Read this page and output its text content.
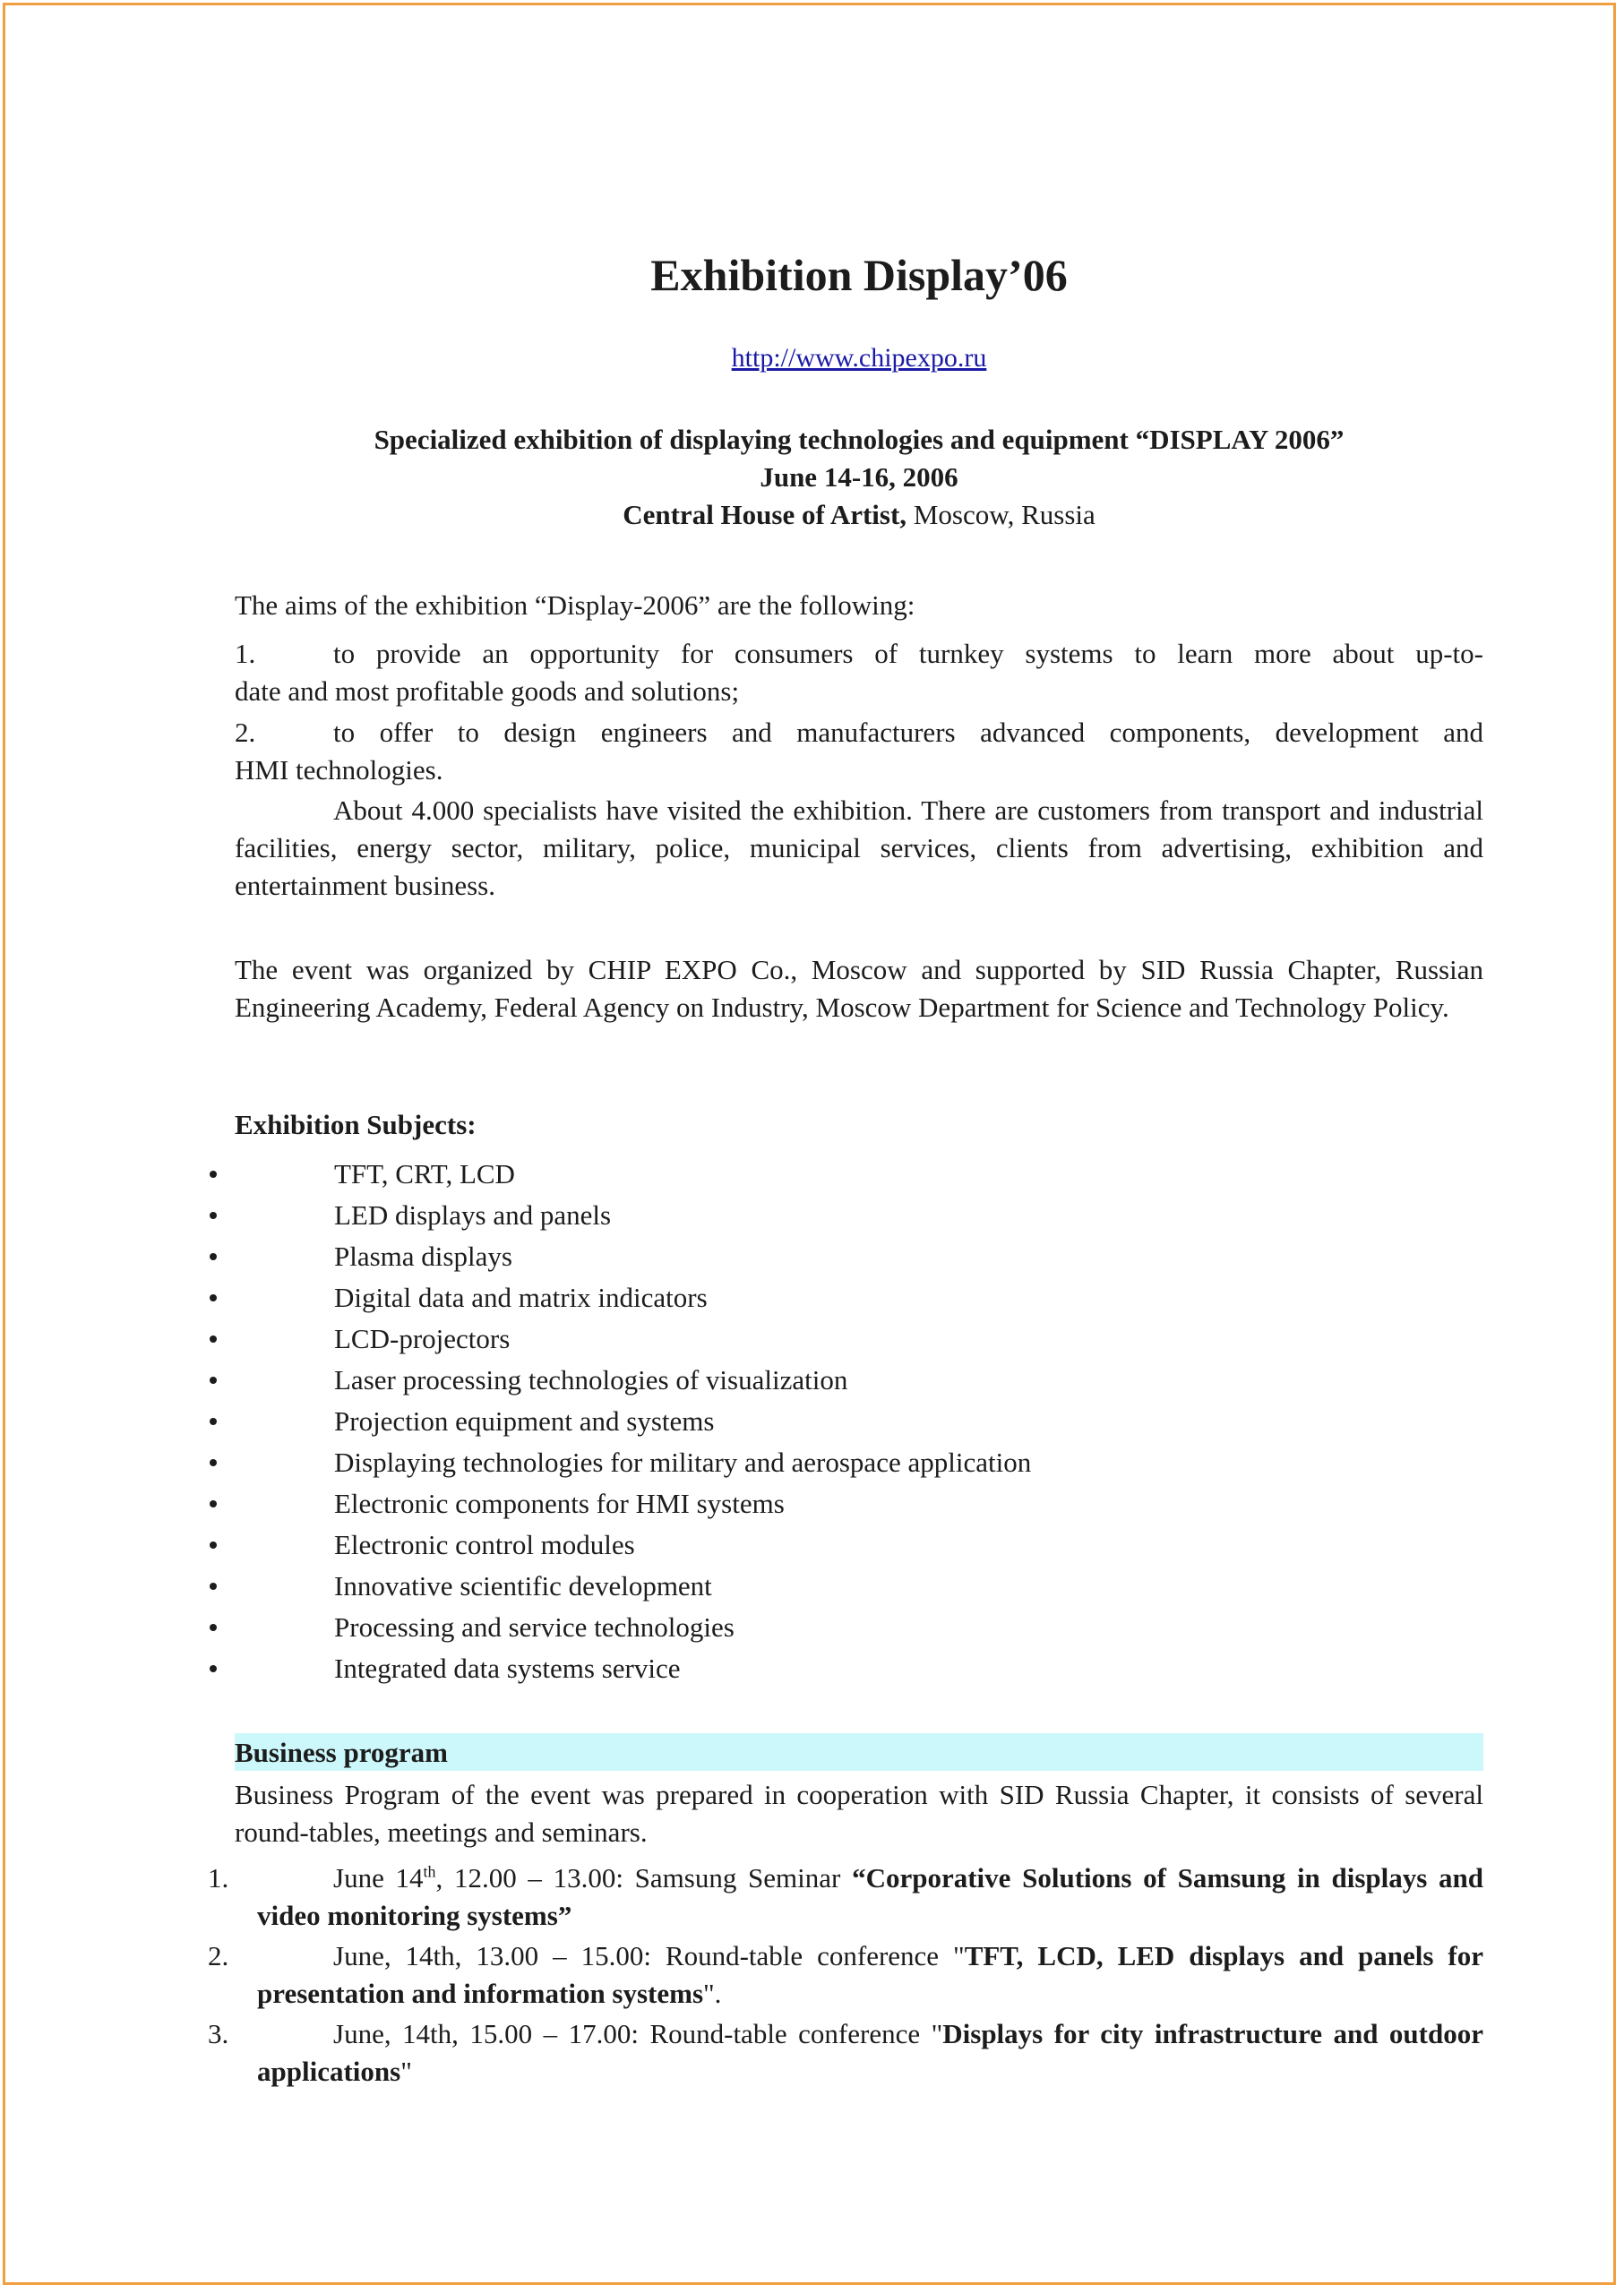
Exhibition Display’06
http://www.chipexpo.ru
Specialized exhibition of displaying technologies and equipment “DISPLAY 2006”
June 14-16, 2006
Central House of Artist, Moscow, Russia
The aims of the exhibition “Display-2006” are the following:
1.	to provide an opportunity for consumers of turnkey systems to learn more about up-to-
date and most profitable goods and solutions;
2.	to offer to design engineers and manufacturers advanced components, development and
HMI technologies.
About 4.000 specialists have visited the exhibition. There are customers from transport and industrial facilities, energy sector, military, police, municipal services, clients from advertising, exhibition and entertainment business.
The event was organized by CHIP EXPO Co., Moscow and supported by SID Russia Chapter, Russian Engineering Academy, Federal Agency on Industry, Moscow Department for Science and Technology Policy.
Exhibition Subjects:
TFT, CRT, LCD
LED displays and panels
Plasma displays
Digital data and matrix indicators
LCD-projectors
Laser processing technologies of visualization
Projection equipment and systems
Displaying technologies for military and aerospace application
Electronic components for HMI systems
Electronic control modules
Innovative scientific development
Processing and service technologies
Integrated data systems service
Business program
Business Program of the event was prepared in cooperation with SID Russia Chapter, it consists of several round-tables, meetings and seminars.
1.	June 14th, 12.00 – 13.00: Samsung Seminar “Corporative Solutions of Samsung in displays and video monitoring systems”
2.	June, 14th, 13.00 – 15.00: Round-table conference "TFT, LCD, LED displays and panels for presentation and information systems".
3.	June, 14th, 15.00 – 17.00: Round-table conference "Displays for city infrastructure and outdoor applications"
